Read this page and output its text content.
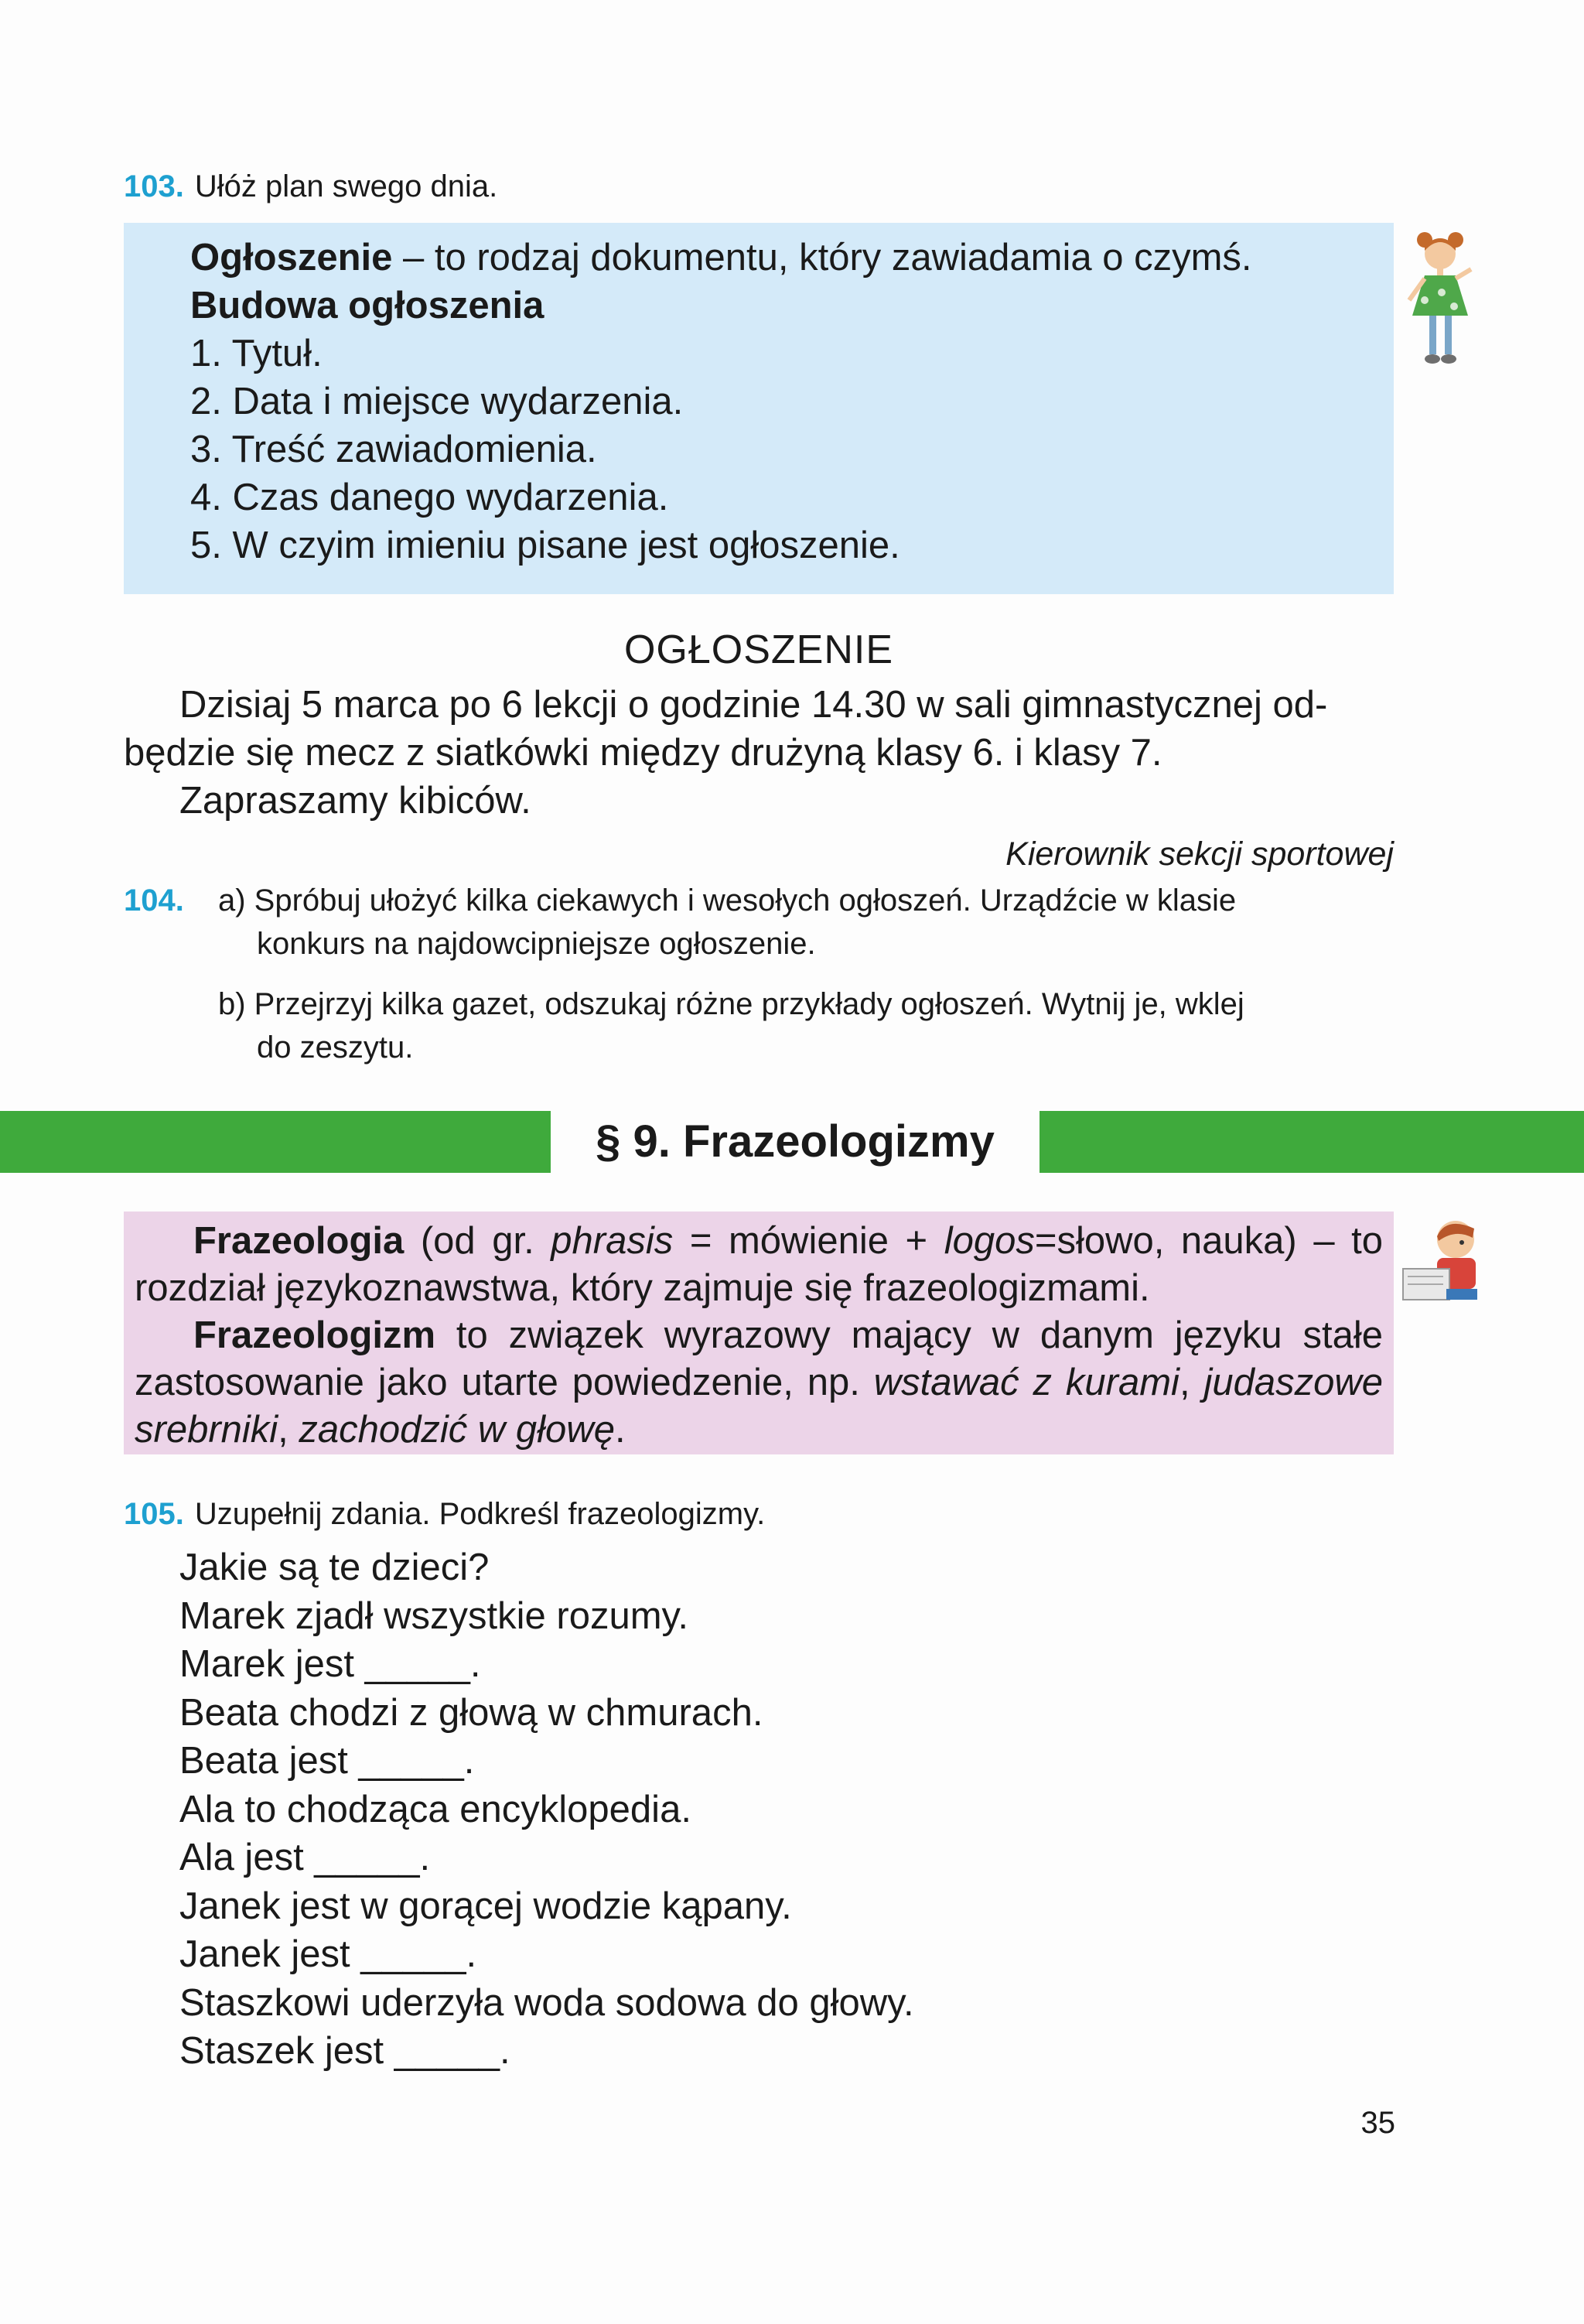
103. Ułóż plan swego dnia.
Ogłoszenie – to rodzaj dokumentu, który zawiadamia o czymś.
Budowa ogłoszenia
1. Tytuł.
2. Data i miejsce wydarzenia.
3. Treść zawiadomienia.
4. Czas danego wydarzenia.
5. W czyim imieniu pisane jest ogłoszenie.
OGŁOSZENIE
Dzisiaj 5 marca po 6 lekcji o godzinie 14.30 w sali gimnastycznej od-
będzie się mecz z siatkówki między drużyną klasy 6. i klasy 7.
Zapraszamy kibiców.
Kierownik sekcji sportowej
104. a) Spróbuj ułożyć kilka ciekawych i wesołych ogłoszeń. Urządźcie w klasie
konkurs na najdowcipniejsze ogłoszenie.
b) Przejrzyj kilka gazet, odszukaj różne przykłady ogłoszeń. Wytnij je, wklej
do zeszytu.
§ 9. Frazeologizmy
Frazeologia (od gr. phrasis = mówienie + logos=słowo, nauka) – to
rozdział językoznawstwa, który zajmuje się frazeologizmami.
Frazeologizm to związek wyrazowy mający w danym języku stałe
zastosowanie jako utarte powiedzenie, np. wstawać z kurami, judaszowe
srebrniki, zachodzić w głowę.
105. Uzupełnij zdania. Podkreśl frazeologizmy.
Jakie są te dzieci?
Marek zjadł wszystkie rozumy.
Marek jest _____.
Beata chodzi z głową w chmurach.
Beata jest _____.
Ala to chodząca encyklopedia.
Ala jest _____.
Janek jest w gorącej wodzie kąpany.
Janek jest _____.
Staszkowi uderzyła woda sodowa do głowy.
Staszek jest _____.
35
